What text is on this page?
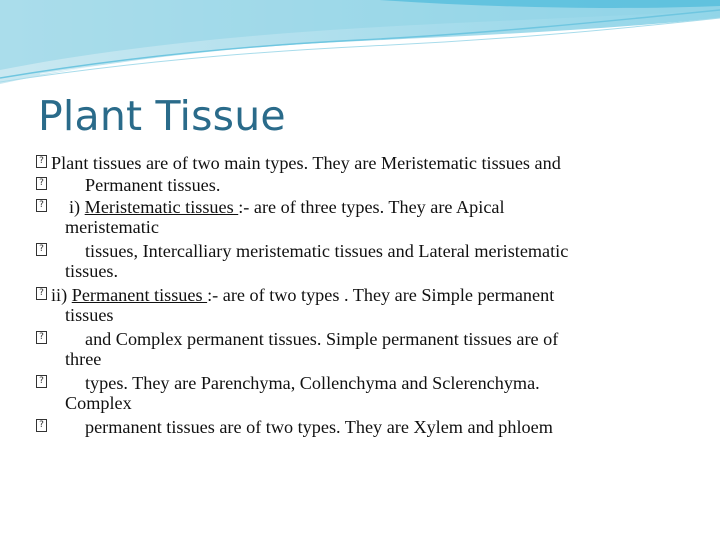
Plant Tissue
? Plant tissues are of two main types. They are Meristematic tissues and
? Permanent tissues.
? i) Meristematic tissues :- are of three types. They are Apical
meristematic
? tissues, Intercalliary meristematic tissues and Lateral meristematic
tissues.
? ii) Permanent tissues :- are of two types . They are Simple permanent
tissues
? and Complex permanent tissues. Simple permanent tissues are of
three
? types. They are Parenchyma, Collenchyma and Sclerenchyma.
Complex
? permanent tissues are of two types. They are Xylem and phloem
